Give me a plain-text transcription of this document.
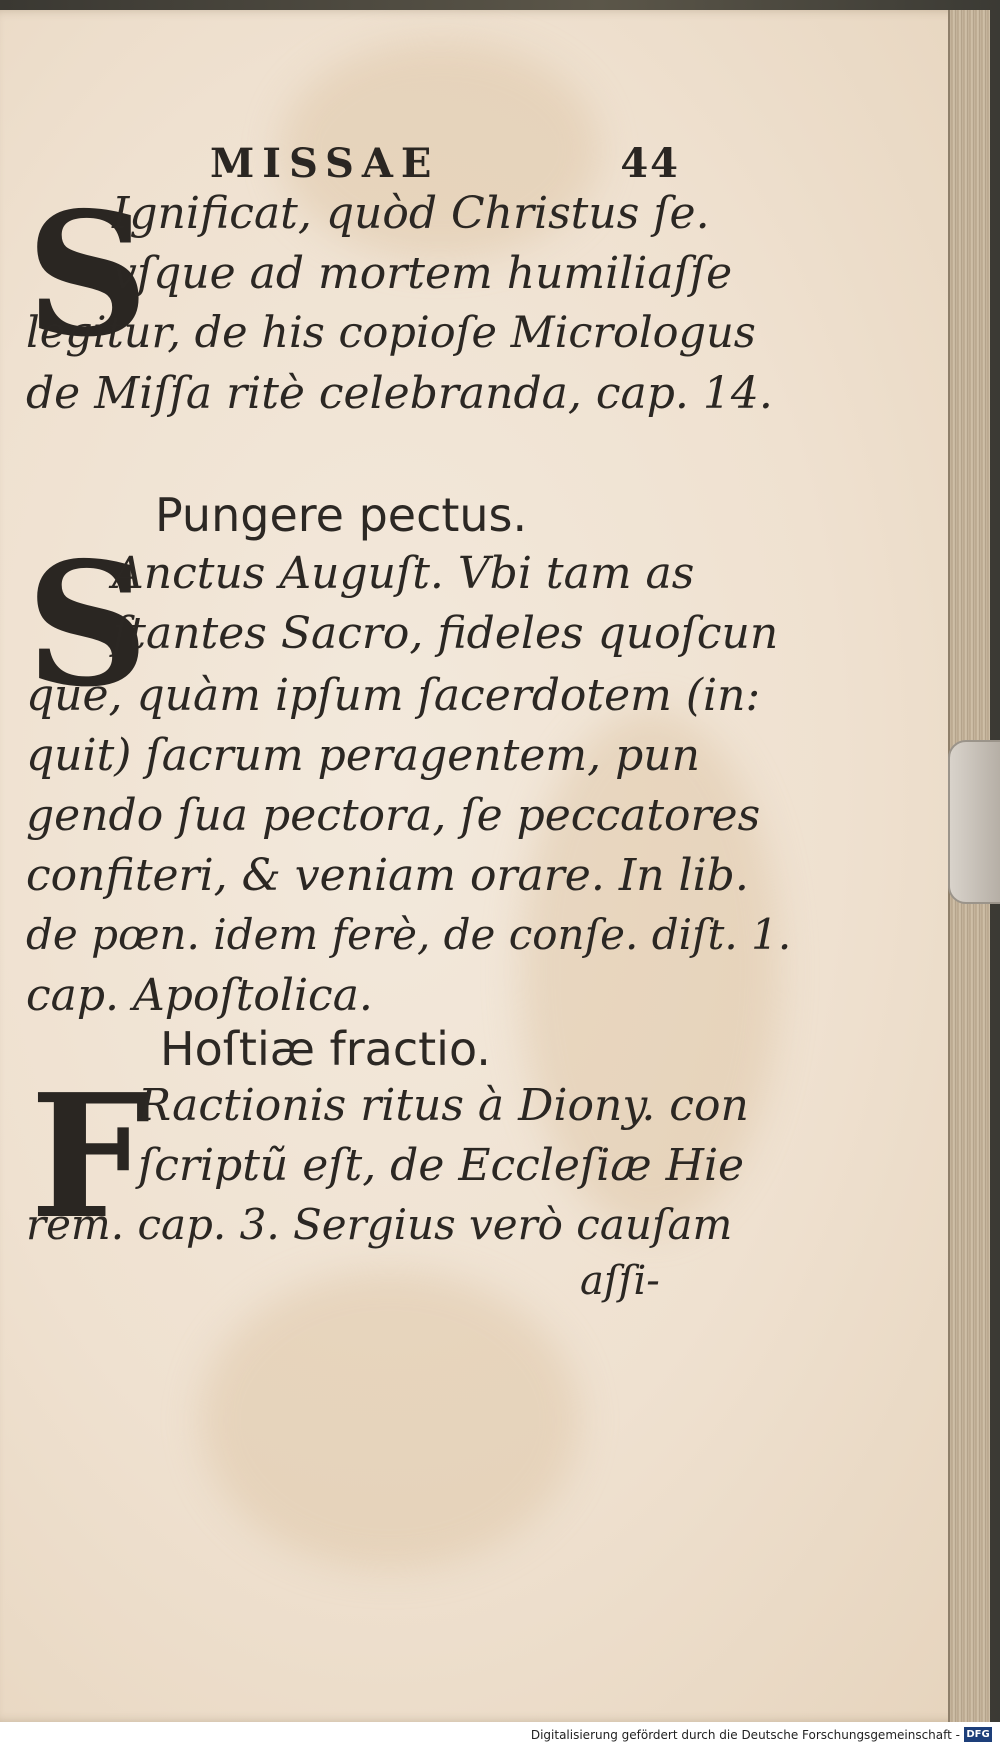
MISSAE	44
S
Ignificat, quòd Christus ſe.
vſque ad mortem humiliaſſe
legitur, de his copioſe Micrologus
de Miſſa ritè celebranda, cap. 14.
Pungere pectus.
S
Anctus Auguſt. Vbi tam as
ſtantes Sacro, fideles quoſcun
que, quàm ipſum ſacerdotem (in:
quit) ſacrum peragentem, pun
gendo ſua pectora, ſe peccatores
confiteri, & veniam orare. In lib.
de pœn. idem ferè, de conſe. diſt. 1.
cap. Apoſtolica.
Hoſtiæ fractio.
F
Ractionis ritus à Diony. con
ſcriptũ eſt, de Eccleſiæ Hie
rem. cap. 3. Sergius verò cauſam
aſſi-
Digitalisierung gefördert durch die Deutsche Forschungsgemeinschaft - DFG
